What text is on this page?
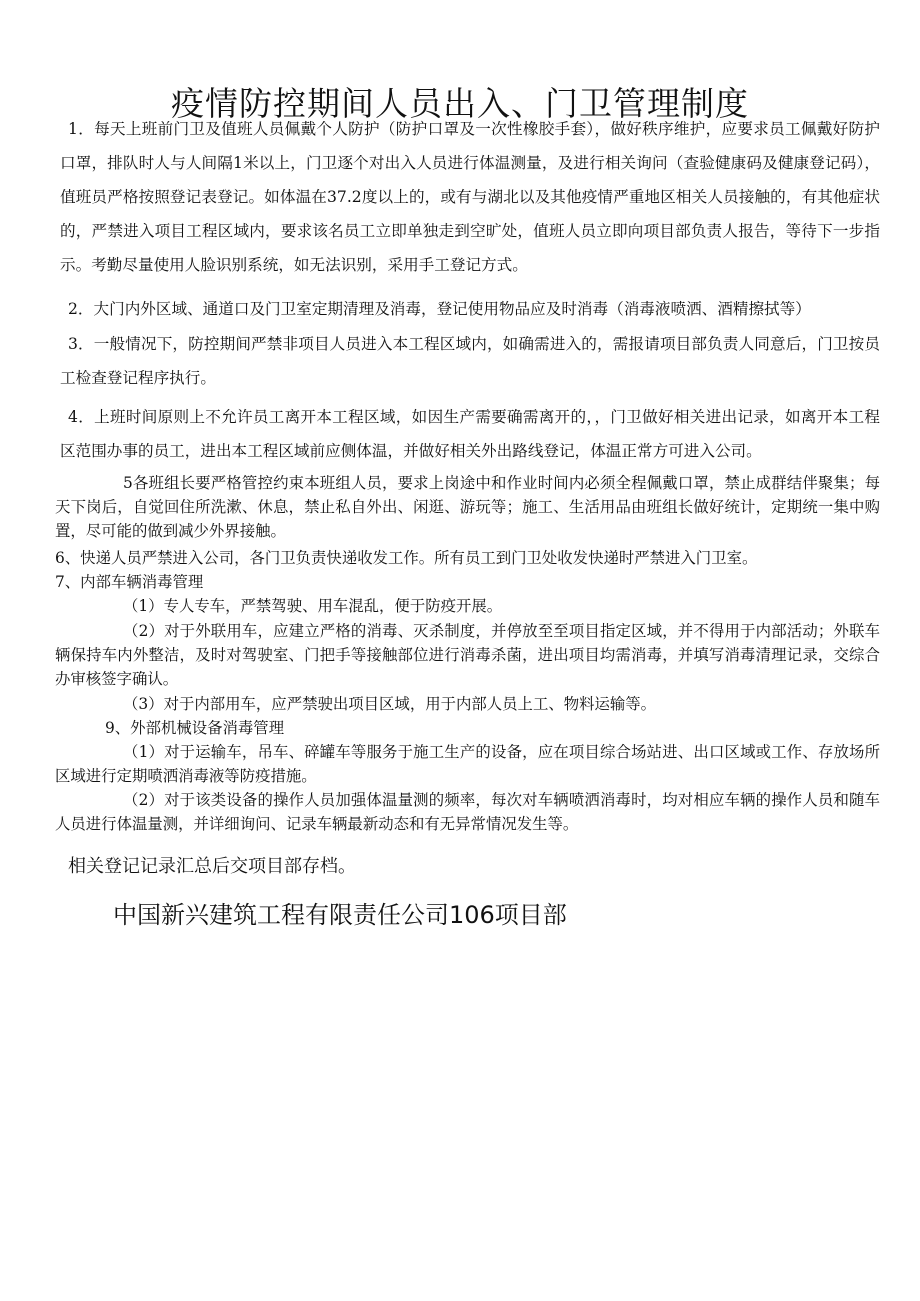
疫情防控期间人员出入、门卫管理制度

1．每天上班前门卫及值班人员佩戴个人防护（防护口罩及一次性橡胶手套），做好秩序维护，应要求员工佩戴好防护口罩，排队时人与人间隔1米以上，门卫逐个对出入人员进行体温测量，及进行相关询问（查验健康码及健康登记码），值班员严格按照登记表登记。如体温在37.2度以上的，或有与湖北以及其他疫情严重地区相关人员接触的，有其他症状的，严禁进入项目工程区域内，要求该名员工立即单独走到空旷处，值班人员立即向项目部负责人报告，等待下一步指示。考勤尽量使用人脸识别系统，如无法识别，采用手工登记方式。

2．大门内外区域、通道口及门卫室定期清理及消毒，登记使用物品应及时消毒（消毒液喷洒、酒精擦拭等）

3．一般情况下，防控期间严禁非项目人员进入本工程区域内，如确需进入的，需报请项目部负责人同意后，门卫按员工检查登记程序执行。

4．上班时间原则上不允许员工离开本工程区域，如因生产需要确需离开的，，门卫做好相关进出记录，如离开本工程区范围办事的员工，进出本工程区域前应侧体温，并做好相关外出路线登记，体温正常方可进入公司。

5各班组长要严格管控约束本班组人员，要求上岗途中和作业时间内必须全程佩戴口罩，禁止成群结伴聚集；每天下岗后，自觉回住所洗漱、休息，禁止私自外出、闲逛、游玩等；施工、生活用品由班组长做好统计，定期统一集中购置，尽可能的做到减少外界接触。

6、快递人员严禁进入公司，各门卫负责快递收发工作。所有员工到门卫处收发快递时严禁进入门卫室。

7、内部车辆消毒管理

（1）专人专车，严禁驾驶、用车混乱，便于防疫开展。

（2）对于外联用车，应建立严格的消毒、灭杀制度，并停放至至项目指定区域，并不得用于内部活动；外联车辆保持车内外整洁，及时对驾驶室、门把手等接触部位进行消毒杀菌，进出项目均需消毒，并填写消毒清理记录，交综合办审核签字确认。

（3）对于内部用车，应严禁驶出项目区域，用于内部人员上工、物料运输等。

9、外部机械设备消毒管理

（1）对于运输车，吊车、碎罐车等服务于施工生产的设备，应在项目综合场站进、出口区域或工作、存放场所区域进行定期喷洒消毒液等防疫措施。

（2）对于该类设备的操作人员加强体温量测的频率，每次对车辆喷洒消毒时，均对相应车辆的操作人员和随车人员进行体温量测，并详细询问、记录车辆最新动态和有无异常情况发生等。

相关登记记录汇总后交项目部存档。

中国新兴建筑工程有限责任公司106项目部
